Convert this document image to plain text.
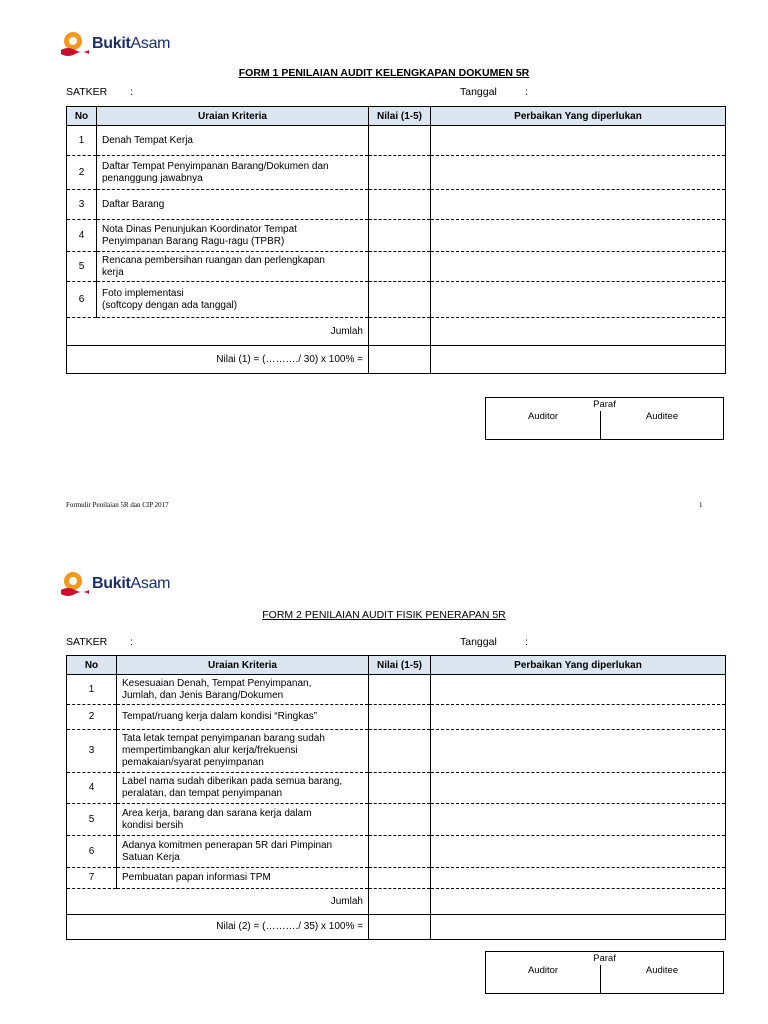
BukitAsam
FORM 1 PENILAIAN AUDIT KELENGKAPAN DOKUMEN 5R
SATKER :	Tanggal	:
No	Uraian Kriteria	Nilai (1-5)	Perbaikan Yang diperlukan
1	Denah Tempat Kerja		
2	Daftar Tempat Penyimpanan Barang/Dokumen dan
penanggung jawabnya		
3	Daftar Barang		
4	Nota Dinas Penunjukan Koordinator Tempat
Penyimpanan Barang Ragu-ragu (TPBR)		
5	Rencana pembersihan ruangan dan perlengkapan
kerja		
6	Foto implementasi
(softcopy dengan ada tanggal)		
Jumlah			
Nilai (1) = (………./ 30) x 100% =			
Paraf
Auditor	Auditee
Formulir Penilaian 5R dan CIP 2017	1
BukitAsam
FORM 2 PENILAIAN AUDIT FISIK PENERAPAN 5R
SATKER :	Tanggal	:
No	Uraian Kriteria	Nilai (1-5)	Perbaikan Yang diperlukan
1	Kesesuaian Denah, Tempat Penyimpanan,
Jumlah, dan Jenis Barang/Dokumen		
2	Tempat/ruang kerja dalam kondisi “Ringkas”		
3	Tata letak tempat penyimpanan barang sudah
mempertimbangkan alur kerja/frekuensi
pemakaian/syarat penyimpanan		
4	Label nama sudah diberikan pada semua barang,
peralatan, dan tempat penyimpanan		
5	Area kerja, barang dan sarana kerja dalam
kondisi bersih		
6	Adanya komitmen penerapan 5R dari Pimpinan
Satuan Kerja		
7	Pembuatan papan informasi TPM		
Jumlah			
Nilai (2) = (………./ 35) x 100% =			
Paraf
Auditor	Auditee
